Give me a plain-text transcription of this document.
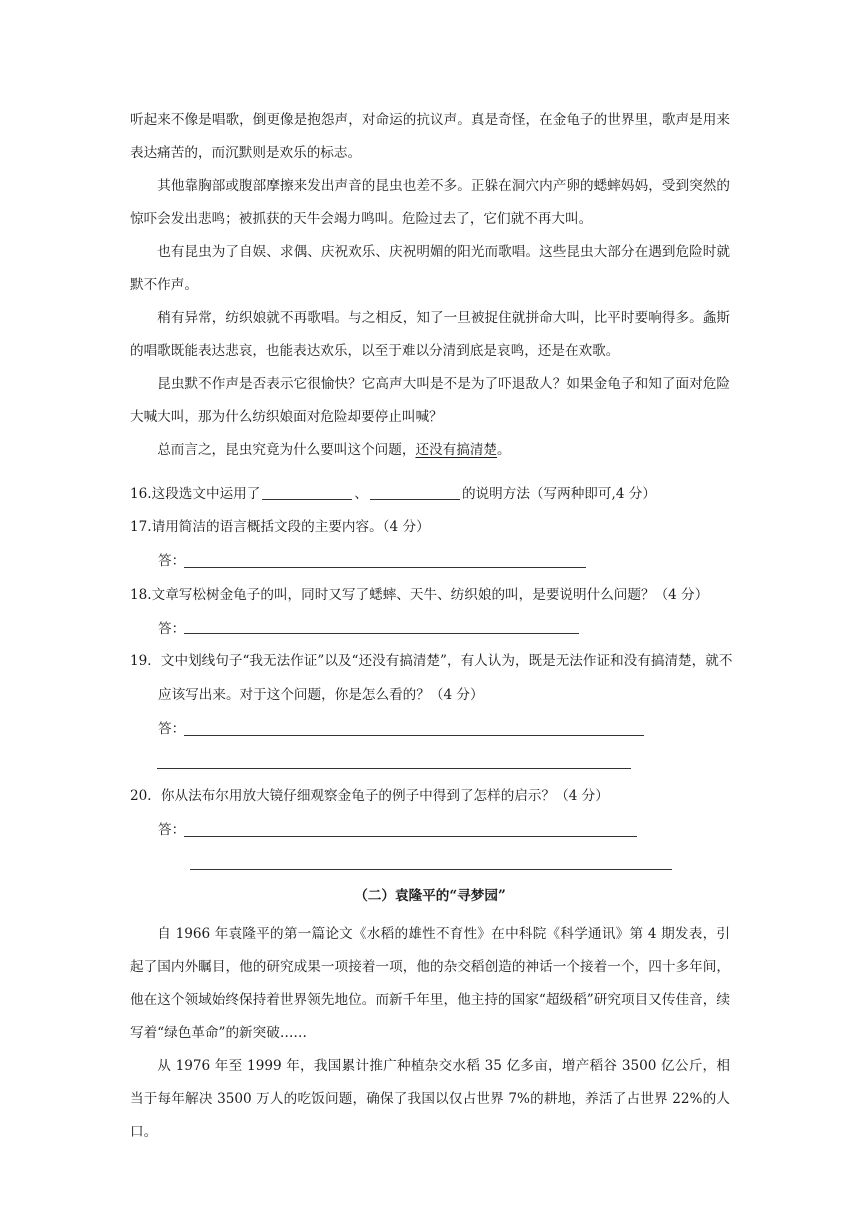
听起来不像是唱歌，倒更像是抱怨声，对命运的抗议声。真是奇怪，在金龟子的世界里，歌声是用来表达痛苦的，而沉默则是欢乐的标志。

其他靠胸部或腹部摩擦来发出声音的昆虫也差不多。正躲在洞穴内产卵的蟋蟀妈妈，受到突然的惊吓会发出悲鸣；被抓获的天牛会竭力鸣叫。危险过去了，它们就不再大叫。

也有昆虫为了自娱、求偶、庆祝欢乐、庆祝明媚的阳光而歌唱。这些昆虫大部分在遇到危险时就默不作声。

稍有异常，纺织娘就不再歌唱。与之相反，知了一旦被捉住就拼命大叫，比平时要响得多。螽斯的唱歌既能表达悲哀，也能表达欢乐，以至于难以分清到底是哀鸣，还是在欢歌。

昆虫默不作声是否表示它很愉快？它高声大叫是不是为了吓退敌人？如果金龟子和知了面对危险大喊大叫，那为什么纺织娘面对危险却要停止叫喊？

总而言之，昆虫究竟为什么要叫这个问题，还没有搞清楚。

16.这段选文中运用了	、	的说明方法（写两种即可,4 分）
17.请用简洁的语言概括文段的主要内容。（4 分）
答：
18.文章写松树金龟子的叫，同时又写了蟋蟀、天牛、纺织娘的叫，是要说明什么问题？（4 分）
答：
19．文中划线句子“我无法作证”以及“还没有搞清楚”，有人认为，既是无法作证和没有搞清楚，就不
应该写出来。对于这个问题，你是怎么看的？（4 分）
答：
20．你从法布尔用放大镜仔细观察金龟子的例子中得到了怎样的启示？（4 分）
答：
（二）袁隆平的“寻梦园”

自 1966 年袁隆平的第一篇论文《水稻的雄性不育性》在中科院《科学通讯》第 4 期发表，引起了国内外瞩目，他的研究成果一项接着一项，他的杂交稻创造的神话一个接着一个，四十多年间，他在这个领域始终保持着世界领先地位。而新千年里，他主持的国家“超级稻”研究项目又传佳音，续写着“绿色革命”的新突破……

从 1976 年至 1999 年，我国累计推广种植杂交水稻 35 亿多亩，增产稻谷 3500 亿公斤，相当于每年解决 3500 万人的吃饭问题，确保了我国以仅占世界 7%的耕地，养活了占世界 22%的人口。
